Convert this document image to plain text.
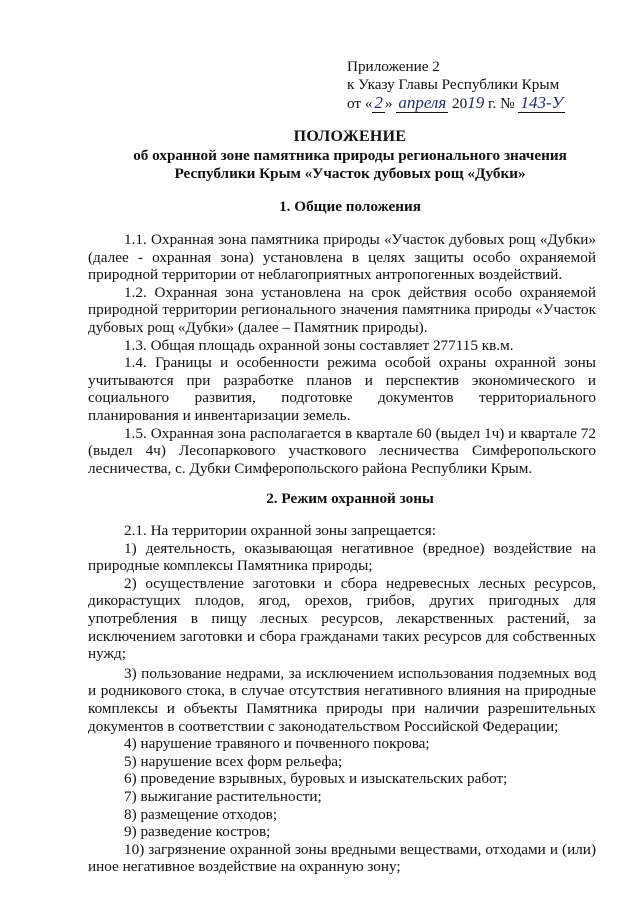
Приложение 2
к Указу Главы Республики Крым
от « 2 » апреля 2019 г. № 143-У
ПОЛОЖЕНИЕ
об охранной зоне памятника природы регионального значения
Республики Крым «Участок дубовых рощ «Дубки»
1. Общие положения

1.1. Охранная зона памятника природы «Участок дубовых рощ «Дубки» (далее - охранная зона) установлена в целях защиты особо охраняемой природной территории от неблагоприятных антропогенных воздействий.

1.2. Охранная зона установлена на срок действия особо охраняемой природной территории регионального значения памятника природы «Участок дубовых рощ «Дубки» (далее – Памятник природы).

1.3. Общая площадь охранной зоны составляет 277115 кв.м.

1.4. Границы и особенности режима особой охраны охранной зоны учитываются при разработке планов и перспектив экономического и социального развития, подготовке документов территориального планирования и инвентаризации земель.

1.5. Охранная зона располагается в квартале 60 (выдел 1ч) и квартале 72 (выдел 4ч) Лесопаркового участкового лесничества Симферопольского лесничества, с. Дубки Симферопольского района Республики Крым.

2. Режим охранной зоны

2.1. На территории охранной зоны запрещается:

1) деятельность, оказывающая негативное (вредное) воздействие на природные комплексы Памятника природы;

2) осуществление заготовки и сбора недревесных лесных ресурсов, дикорастущих плодов, ягод, орехов, грибов, других пригодных для употребления в пищу лесных ресурсов, лекарственных растений, за исключением заготовки и сбора гражданами таких ресурсов для собственных нужд;

3) пользование недрами, за исключением использования подземных вод и родникового стока, в случае отсутствия негативного влияния на природные комплексы и объекты Памятника природы при наличии разрешительных документов в соответствии с законодательством Российской Федерации;

4) нарушение травяного и почвенного покрова;

5) нарушение всех форм рельефа;

6) проведение взрывных, буровых и изыскательских работ;

7) выжигание растительности;

8) размещение отходов;

9) разведение костров;

10) загрязнение охранной зоны вредными веществами, отходами и (или) иное негативное воздействие на охранную зону;
